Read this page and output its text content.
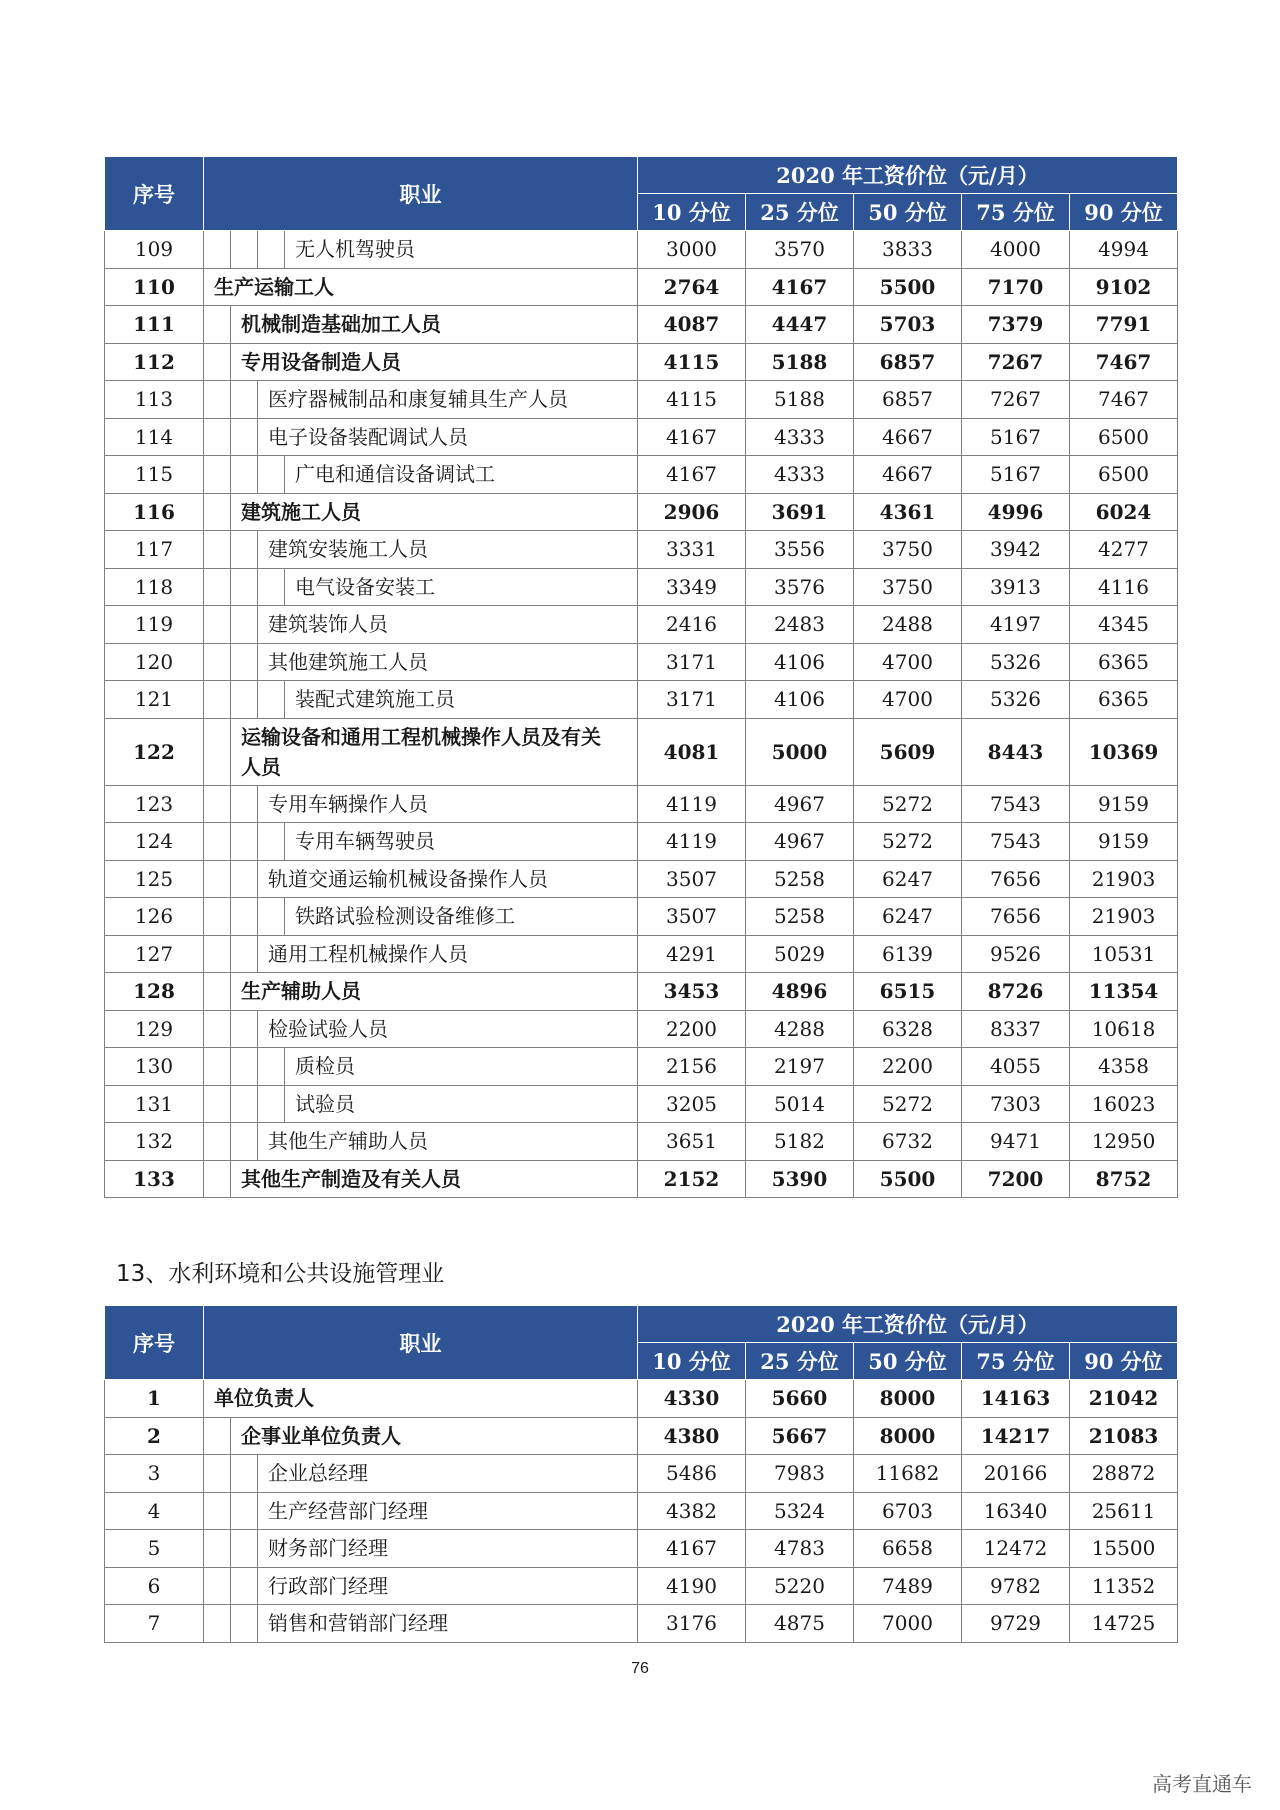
序号	职业	2020 年工资价位（元/月）				
		10 分位	25 分位	50 分位	75 分位	90 分位
109	无人机驾驶员	3000	3570	3833	4000	4994
110	生产运输工人	2764	4167	5500	7170	9102
111	机械制造基础加工人员	4087	4447	5703	7379	7791
112	专用设备制造人员	4115	5188	6857	7267	7467
113	医疗器械制品和康复辅具生产人员	4115	5188	6857	7267	7467
114	电子设备装配调试人员	4167	4333	4667	5167	6500
115	广电和通信设备调试工	4167	4333	4667	5167	6500
116	建筑施工人员	2906	3691	4361	4996	6024
117	建筑安装施工人员	3331	3556	3750	3942	4277
118	电气设备安装工	3349	3576	3750	3913	4116
119	建筑装饰人员	2416	2483	2488	4197	4345
120	其他建筑施工人员	3171	4106	4700	5326	6365
121	装配式建筑施工员	3171	4106	4700	5326	6365
122	运输设备和通用工程机械操作人员及有关人员	4081	5000	5609	8443	10369
123	专用车辆操作人员	4119	4967	5272	7543	9159
124	专用车辆驾驶员	4119	4967	5272	7543	9159
125	轨道交通运输机械设备操作人员	3507	5258	6247	7656	21903
126	铁路试验检测设备维修工	3507	5258	6247	7656	21903
127	通用工程机械操作人员	4291	5029	6139	9526	10531
128	生产辅助人员	3453	4896	6515	8726	11354
129	检验试验人员	2200	4288	6328	8337	10618
130	质检员	2156	2197	2200	4055	4358
131	试验员	3205	5014	5272	7303	16023
132	其他生产辅助人员	3651	5182	6732	9471	12950
133	其他生产制造及有关人员	2152	5390	5500	7200	8752
13、水利环境和公共设施管理业
序号	职业	2020 年工资价位（元/月）				
		10 分位	25 分位	50 分位	75 分位	90 分位
1	单位负责人	4330	5660	8000	14163	21042
2	企事业单位负责人	4380	5667	8000	14217	21083
3	企业总经理	5486	7983	11682	20166	28872
4	生产经营部门经理	4382	5324	6703	16340	25611
5	财务部门经理	4167	4783	6658	12472	15500
6	行政部门经理	4190	5220	7489	9782	11352
7	销售和营销部门经理	3176	4875	7000	9729	14725
76
高考直通车
